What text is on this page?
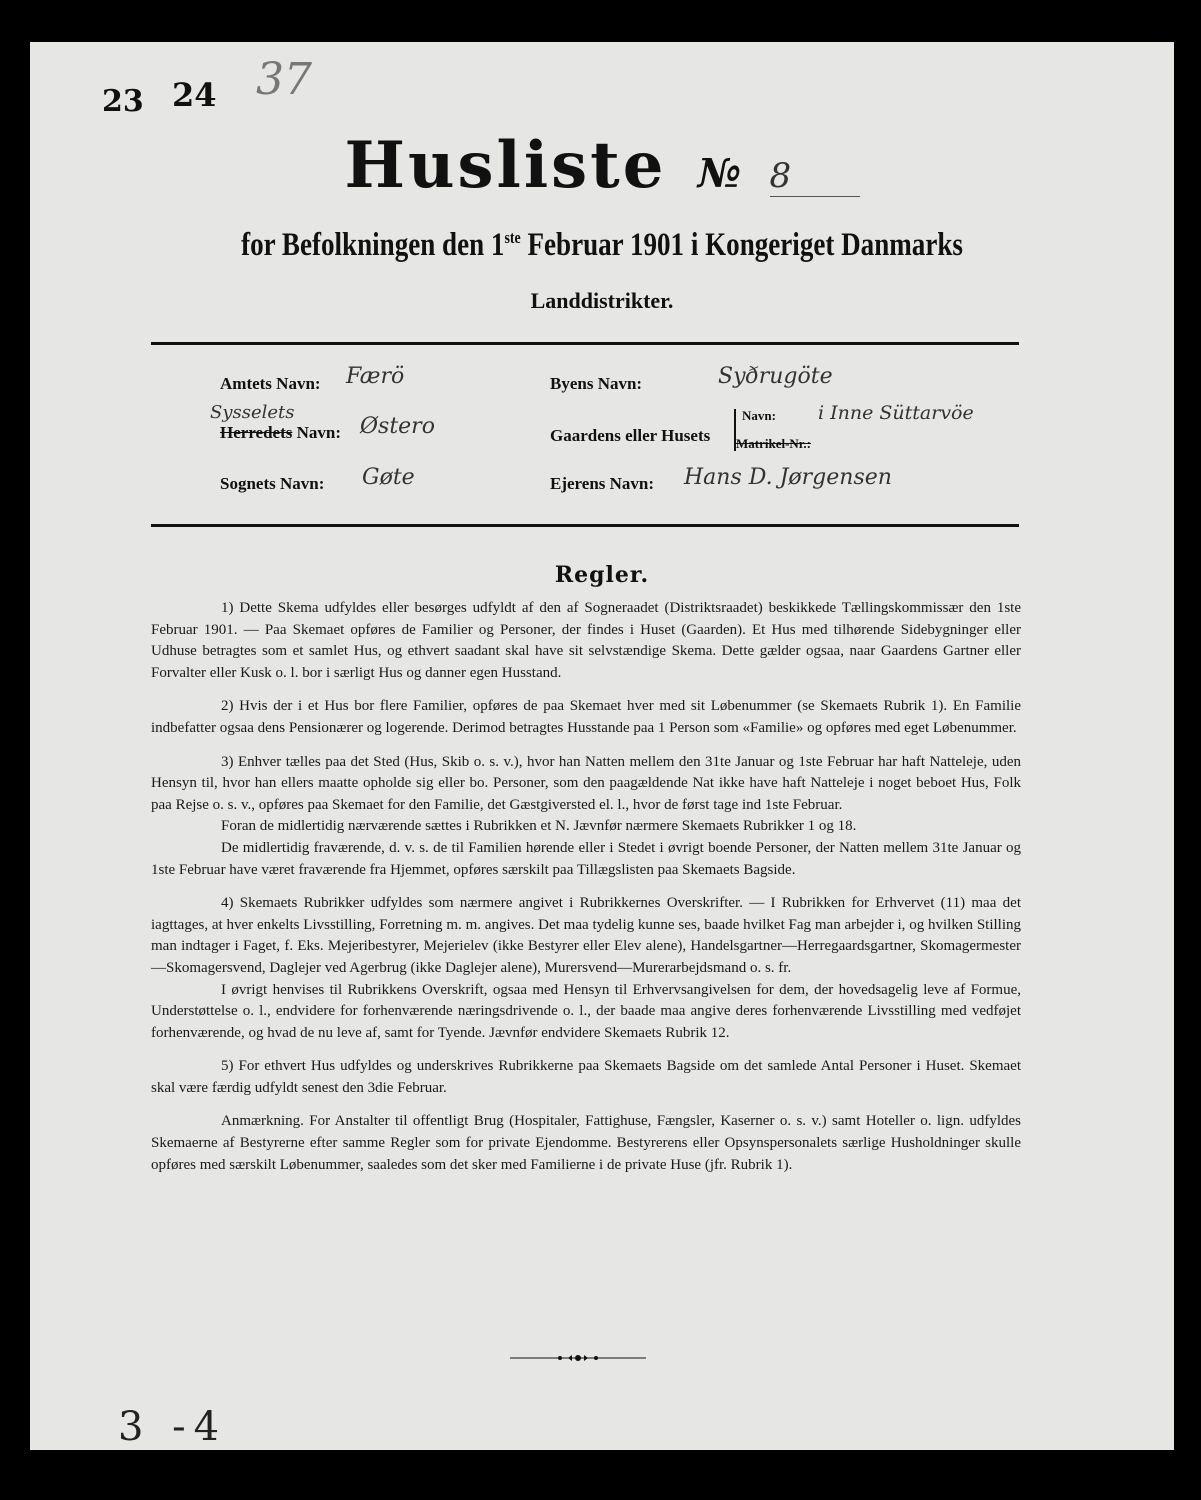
23 24 37
Husliste № 8
for Befolkningen den 1ste Februar 1901 i Kongeriget Danmarks
Landdistrikter.
Amtets Navn: Færö
Sysselets
Herredets Navn: Østero
Sognets Navn: Gøte
Byens Navn:	Syðrugöte
Gaardens eller Husets
Navn: i Inne Süttarvöe
Matrikel-Nr.:
Ejerens Navn: Hans D. Jørgensen
Regler.

1) Dette Skema udfyldes eller besørges udfyldt af den af Sogneraadet (Distriktsraadet) beskikkede Tællingskommissær den 1ste Februar 1901. — Paa Skemaet opføres de Familier og Personer, der findes i Huset (Gaarden). Et Hus med tilhørende Sidebygninger eller Udhuse betragtes som et samlet Hus, og ethvert saadant skal have sit selvstændige Skema. Dette gælder ogsaa, naar Gaardens Gartner eller Forvalter eller Kusk o. l. bor i særligt Hus og danner egen Husstand.

2) Hvis der i et Hus bor flere Familier, opføres de paa Skemaet hver med sit Løbenummer (se Skemaets Rubrik 1). En Familie indbefatter ogsaa dens Pensionærer og logerende. Derimod betragtes Husstande paa 1 Person som «Familie» og opføres med eget Løbenummer.

3) Enhver tælles paa det Sted (Hus, Skib o. s. v.), hvor han Natten mellem den 31te Januar og 1ste Februar har haft Natteleje, uden Hensyn til, hvor han ellers maatte opholde sig eller bo. Personer, som den paagældende Nat ikke have haft Natteleje i noget beboet Hus, Folk paa Rejse o. s. v., opføres paa Skemaet for den Familie, det Gæstgiversted el. l., hvor de først tage ind 1ste Februar.

Foran de midlertidig nærværende sættes i Rubrikken et N. Jævnfør nærmere Skemaets Rubrikker 1 og 18.

De midlertidig fraværende, d. v. s. de til Familien hørende eller i Stedet i øvrigt boende Personer, der Natten mellem 31te Januar og 1ste Februar have været fraværende fra Hjemmet, opføres særskilt paa Tillægslisten paa Skemaets Bagside.

4) Skemaets Rubrikker udfyldes som nærmere angivet i Rubrikkernes Overskrifter. — I Rubrikken for Erhvervet (11) maa det iagttages, at hver enkelts Livsstilling, Forretning m. m. angives. Det maa tydelig kunne ses, baade hvilket Fag man arbejder i, og hvilken Stilling man indtager i Faget, f. Eks. Mejeribestyrer, Mejerielev (ikke Bestyrer eller Elev alene), Handelsgartner—Herregaardsgartner, Skomagermester—Skomagersvend, Daglejer ved Agerbrug (ikke Daglejer alene), Murersvend—Murerarbejdsmand o. s. fr.

I øvrigt henvises til Rubrikkens Overskrift, ogsaa med Hensyn til Erhvervsangivelsen for dem, der hovedsagelig leve af Formue, Understøttelse o. l., endvidere for forhenværende næringsdrivende o. l., der baade maa angive deres forhenværende Livsstilling med vedføjet forhenværende, og hvad de nu leve af, samt for Tyende. Jævnfør endvidere Skemaets Rubrik 12.

5) For ethvert Hus udfyldes og underskrives Rubrikkerne paa Skemaets Bagside om det samlede Antal Personer i Huset. Skemaet skal være færdig udfyldt senest den 3die Februar.

Anmærkning. For Anstalter til offentligt Brug (Hospitaler, Fattighuse, Fængsler, Kaserner o. s. v.) samt Hoteller o. lign. udfyldes Skemaerne af Bestyrerne efter samme Regler som for private Ejendomme. Bestyrerens eller Opsynspersonalets særlige Husholdninger skulle opføres med særskilt Løbenummer, saaledes som det sker med Familierne i de private Huse (jfr. Rubrik 1).

3 -4
